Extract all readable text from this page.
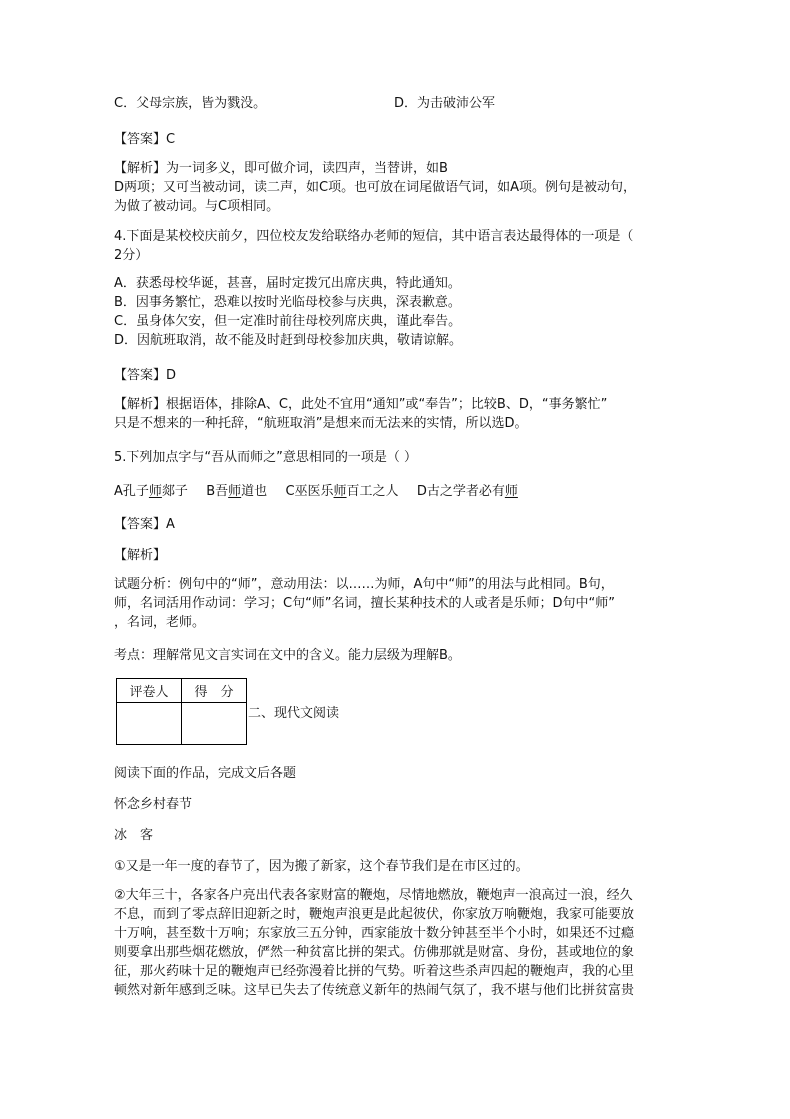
C．父母宗族，皆为戮没。	D．为击破沛公军
【答案】C

【解析】为一词多义，即可做介词，读四声，当替讲，如B

D两项；又可当被动词，读二声，如C项。也可放在词尾做语气词，如A项。例句是被动句，

为做了被动词。与C项相同。

4.下面是某校校庆前夕，四位校友发给联络办老师的短信，其中语言表达最得体的一项是（

2分）

A．获悉母校华诞，甚喜，届时定拨冗出席庆典，特此通知。

B．因事务繁忙，恐难以按时光临母校参与庆典，深表歉意。

C．虽身体欠安，但一定准时前往母校列席庆典，谨此奉告。

D．因航班取消，故不能及时赶到母校参加庆典，敬请谅解。

【答案】D

【解析】根据语体，排除A、C，此处不宜用“通知”或“奉告”；比较B、D，“事务繁忙”

只是不想来的一种托辞，“航班取消”是想来而无法来的实情，所以选D。

5.下列加点字与“吾从而师之”意思相同的一项是（ ）
A孔子师郯子 B吾师道也 C巫医乐师百工之人 D古之学者必有师
【答案】A
【解析】

试题分析：例句中的“师”，意动用法：以……为师，A句中“师”的用法与此相同。B句，

师，名词活用作动词：学习；C句“师”名词，擅长某种技术的人或者是乐师；D句中“师”

，名词，老师。

考点：理解常见文言实词在文中的含义。能力层级为理解B。
评卷人	得　分

二、现代文阅读
阅读下面的作品，完成文后各题
怀念乡村春节
冰　客
①又是一年一度的春节了，因为搬了新家，这个春节我们是在市区过的。

②大年三十，各家各户亮出代表各家财富的鞭炮，尽情地燃放，鞭炮声一浪高过一浪，经久

不息，而到了零点辞旧迎新之时，鞭炮声浪更是此起彼伏，你家放万响鞭炮，我家可能要放

十万响，甚至数十万响；东家放三五分钟，西家能放十数分钟甚至半个小时，如果还不过瘾

则要拿出那些烟花燃放，俨然一种贫富比拼的架式。仿佛那就是财富、身份，甚或地位的象

征，那火药味十足的鞭炮声已经弥漫着比拼的气势。听着这些杀声四起的鞭炮声，我的心里

顿然对新年感到乏味。这早已失去了传统意义新年的热闹气氛了，我不堪与他们比拼贫富贵
